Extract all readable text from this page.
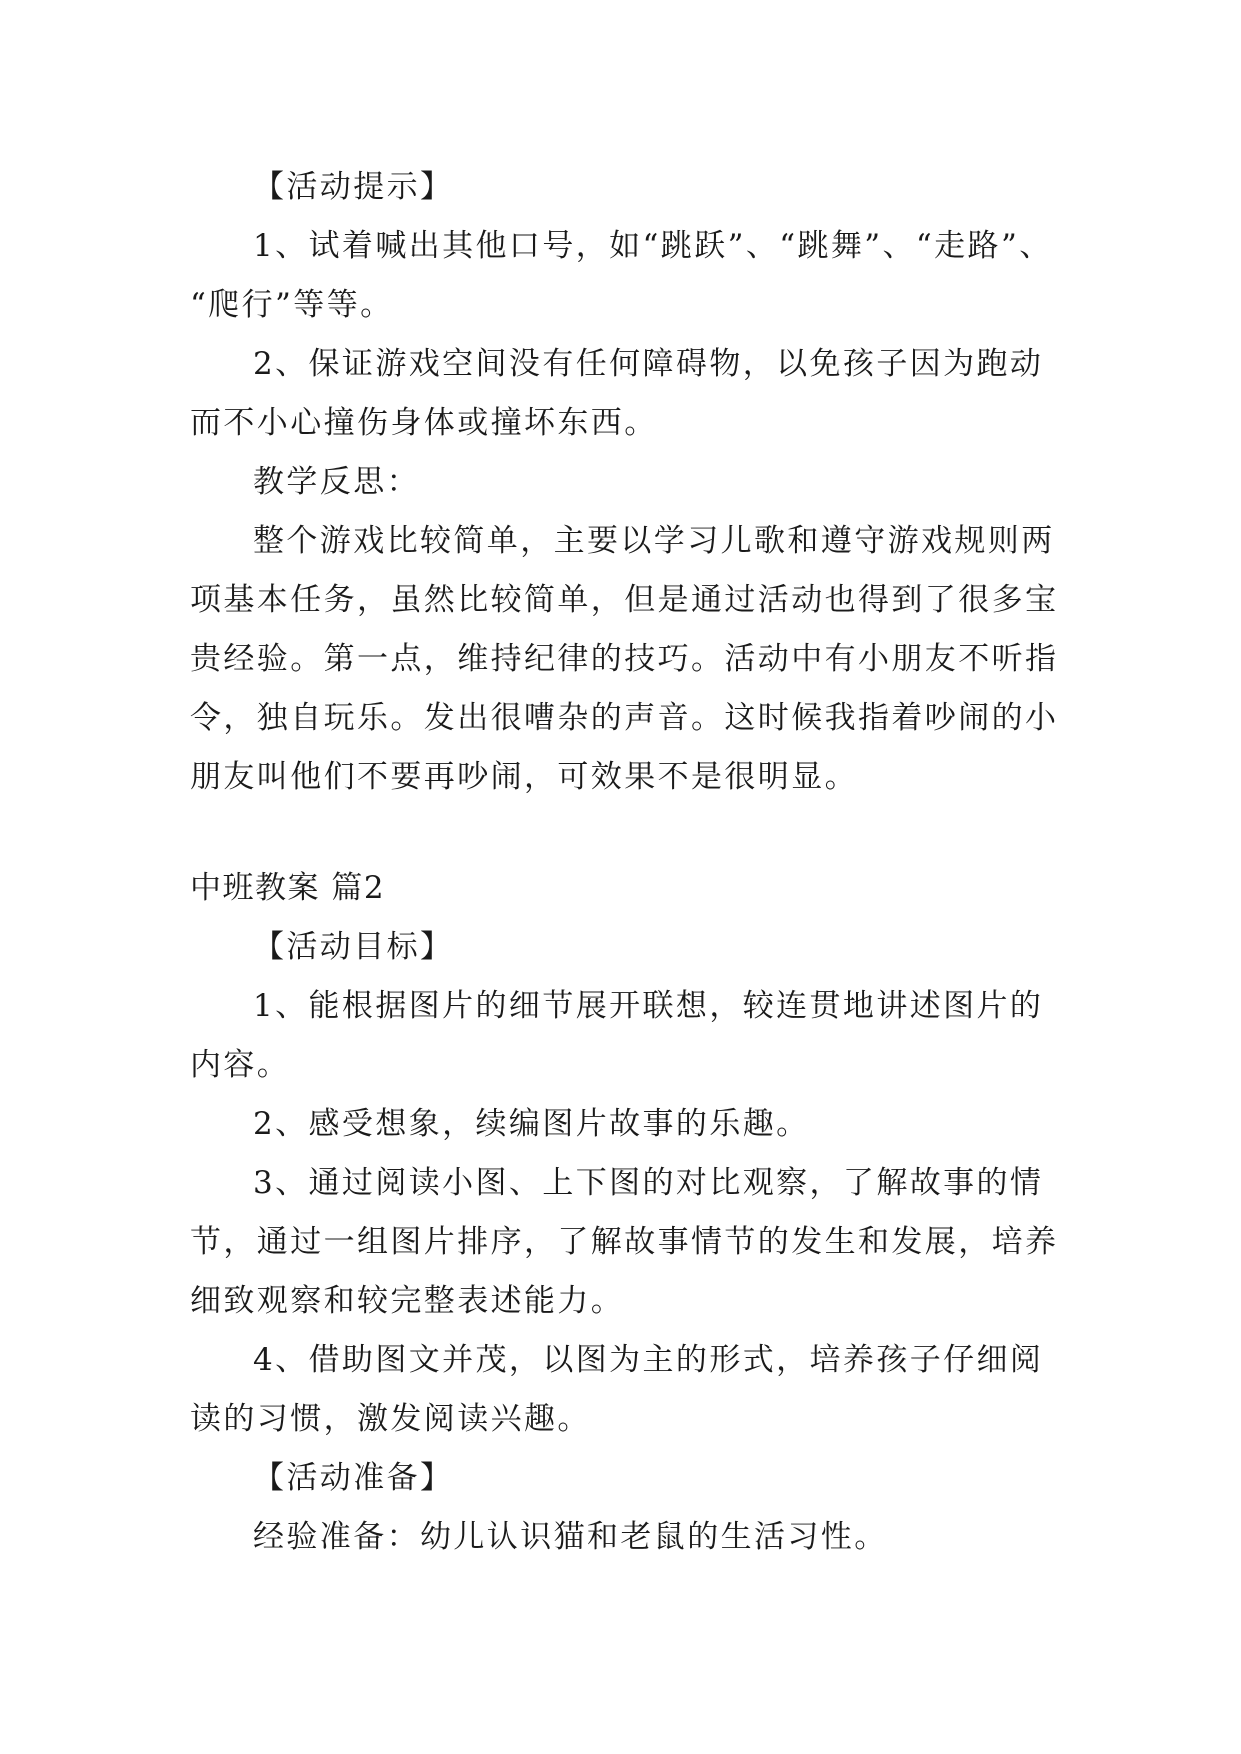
【活动提示】
1、试着喊出其他口号，如“跳跃”、“跳舞”、“走路”、
“爬行”等等。
2、保证游戏空间没有任何障碍物，以免孩子因为跑动
而不小心撞伤身体或撞坏东西。
教学反思：
整个游戏比较简单，主要以学习儿歌和遵守游戏规则两
项基本任务，虽然比较简单，但是通过活动也得到了很多宝
贵经验。第一点，维持纪律的技巧。活动中有小朋友不听指
令，独自玩乐。发出很嘈杂的声音。这时候我指着吵闹的小
朋友叫他们不要再吵闹，可效果不是很明显。
中班教案 篇2
【活动目标】
1、能根据图片的细节展开联想，较连贯地讲述图片的
内容。
2、感受想象，续编图片故事的乐趣。
3、通过阅读小图、上下图的对比观察，了解故事的情
节，通过一组图片排序，了解故事情节的发生和发展，培养
细致观察和较完整表述能力。
4、借助图文并茂，以图为主的形式，培养孩子仔细阅
读的习惯，激发阅读兴趣。
【活动准备】
经验准备：幼儿认识猫和老鼠的生活习性。
